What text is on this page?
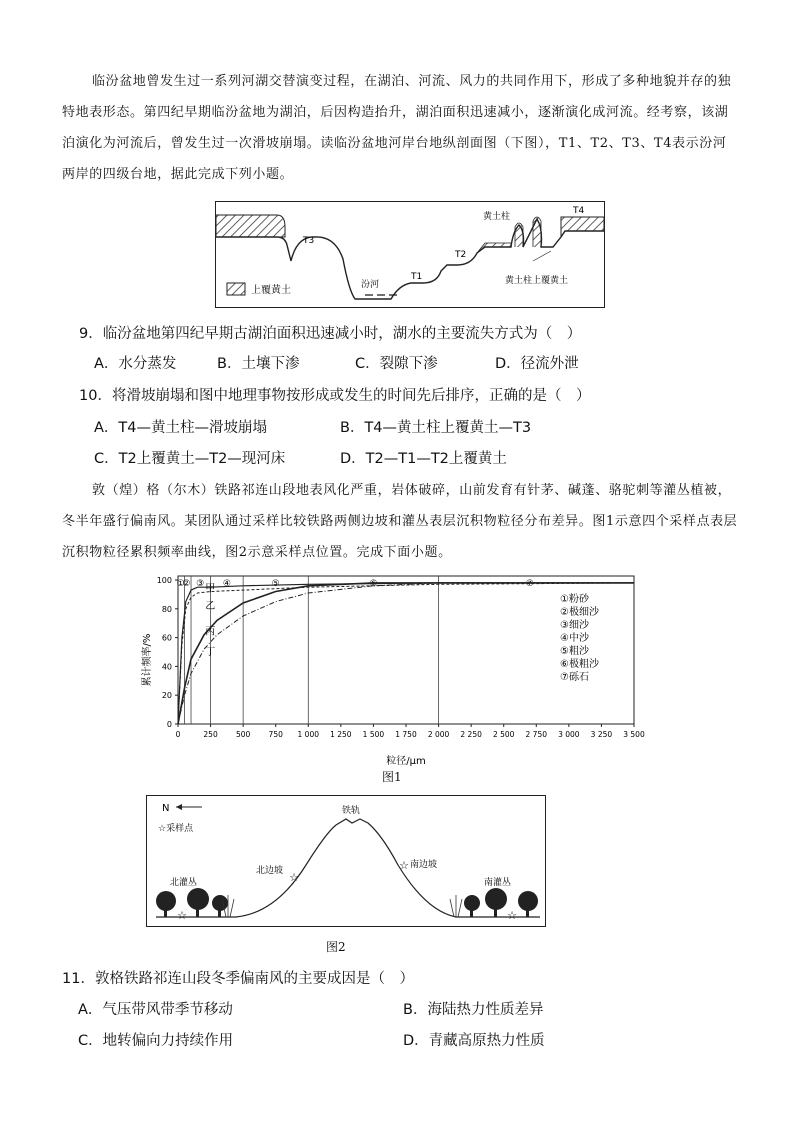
临汾盆地曾发生过一系列河湖交替演变过程，在湖泊、河流、风力的共同作用下，形成了多种地貌并存的独特地表形态。第四纪早期临汾盆地为湖泊，后因构造抬升，湖泊面积迅速减小，逐渐演化成河流。经考察，该湖泊演化为河流后，曾发生过一次滑坡崩塌。读临汾盆地河岸台地纵剖面图（下图），T1、T2、T3、T4表示汾河两岸的四级台地，据此完成下列小题。
上覆黄土
T3
汾河
T1
T2
黄土柱
T4
黄土柱上覆黄土
9．临汾盆地第四纪早期古湖泊面积迅速减小时，湖水的主要流失方式为（　）
A．水分蒸发	B．土壤下渗	C．裂隙下渗	D．径流外泄
10．将滑坡崩塌和图中地理事物按形成或发生的时间先后排序，正确的是（　）
A．T4—黄土柱—滑坡崩塌	B．T4—黄土柱上覆黄土—T3
C．T2上覆黄土—T2—现河床	D．T2—T1—T2上覆黄土
敦（煌）格（尔木）铁路祁连山段地表风化严重，岩体破碎，山前发育有针茅、碱蓬、骆驼刺等灌丛植被，冬半年盛行偏南风。某团队通过采样比较铁路两侧边坡和灌丛表层沉积物粒径分布差异。图1示意四个采样点表层沉积物粒径累积频率曲线，图2示意采样点位置。完成下面小题。
①
② ③ ④	⑤	⑥	⑦
0	250 500 750 1 000 1 250 1 500 1 750 2 000 2 250 2 500 2 750 3 000 3 250 3 500
0
20
40
60
80
100
累计频率/%
粒径/μm
①粉砂
②极细沙
③细沙
④中沙
⑤粗沙
⑥极粗沙
⑦砾石
甲
乙
丙
丁
图1
N
☆采样点
铁轨
北边坡
南边坡
北灌丛	南灌丛
☆
☆
☆
☆
图2
11．敦格铁路祁连山段冬季偏南风的主要成因是（　）
A．气压带风带季节移动	B．海陆热力性质差异
C．地转偏向力持续作用	D．青藏高原热力性质
